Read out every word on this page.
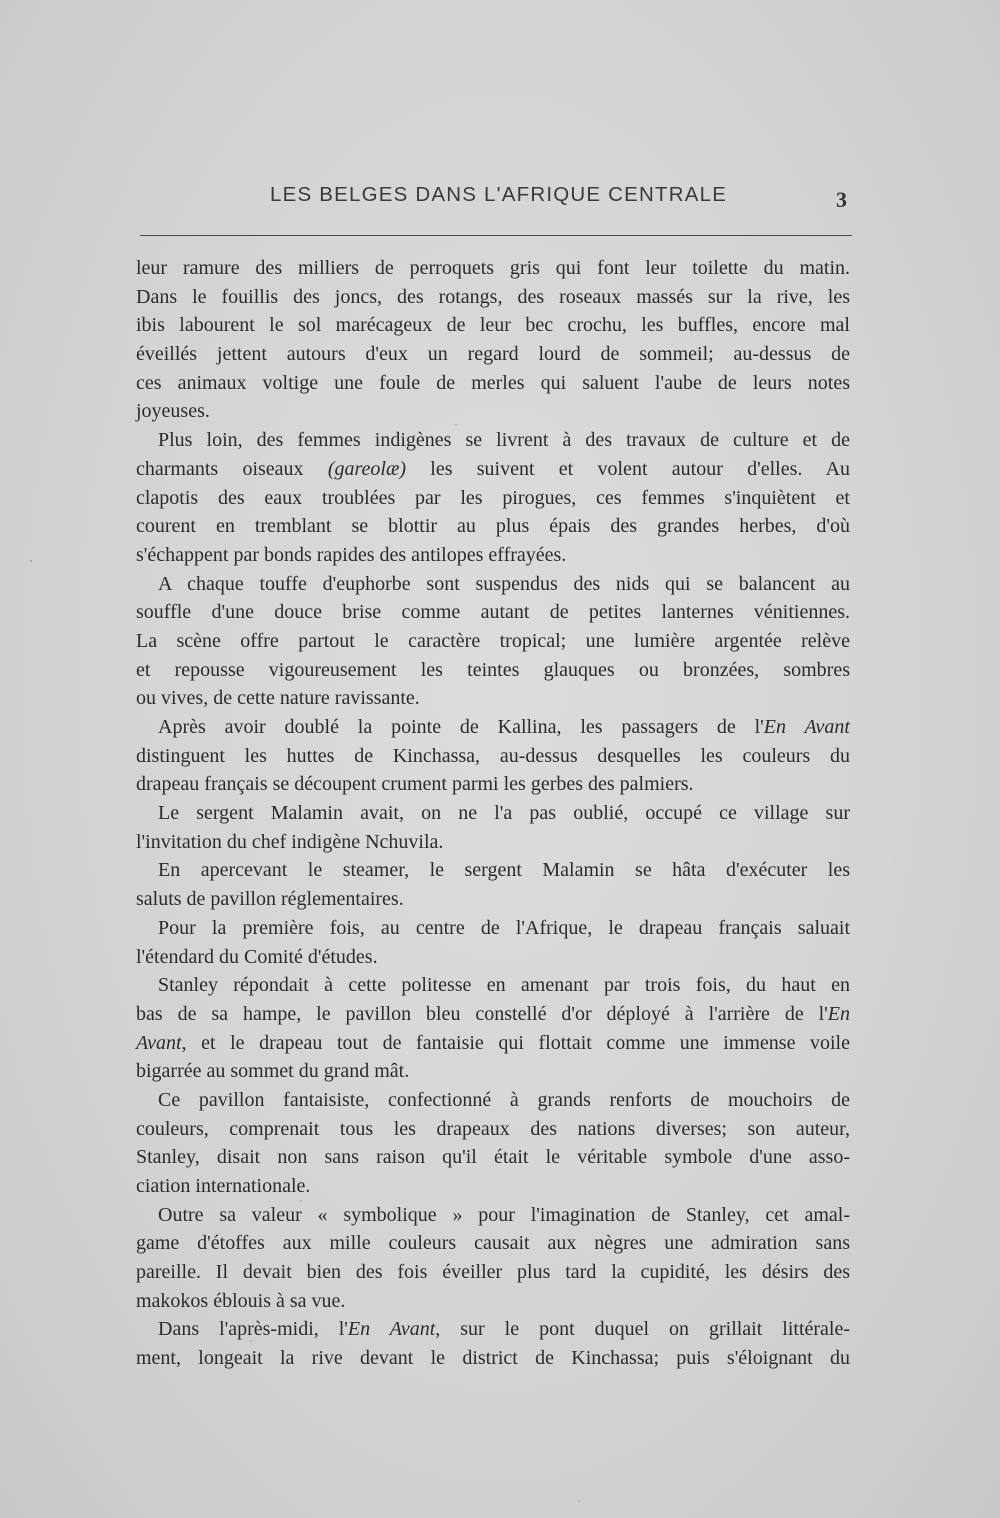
LES BELGES DANS L'AFRIQUE CENTRALE	3
leur ramure des milliers de perroquets gris qui font leur toilette du matin.
Dans le fouillis des joncs, des rotangs, des roseaux massés sur la rive, les
ibis labourent le sol marécageux de leur bec crochu, les buffles, encore mal
éveillés jettent autours d'eux un regard lourd de sommeil; au-dessus de
ces animaux voltige une foule de merles qui saluent l'aube de leurs notes
joyeuses.
Plus loin, des femmes indigènes se livrent à des travaux de culture et de
charmants oiseaux (gareolæ) les suivent et volent autour d'elles. Au
clapotis des eaux troublées par les pirogues, ces femmes s'inquiètent et
courent en tremblant se blottir au plus épais des grandes herbes, d'où
s'échappent par bonds rapides des antilopes effrayées.
A chaque touffe d'euphorbe sont suspendus des nids qui se balancent au
souffle d'une douce brise comme autant de petites lanternes vénitiennes.
La scène offre partout le caractère tropical; une lumière argentée relève
et repousse vigoureusement les teintes glauques ou bronzées, sombres
ou vives, de cette nature ravissante.
Après avoir doublé la pointe de Kallina, les passagers de l'En Avant
distinguent les huttes de Kinchassa, au-dessus desquelles les couleurs du
drapeau français se découpent crument parmi les gerbes des palmiers.
Le sergent Malamin avait, on ne l'a pas oublié, occupé ce village sur
l'invitation du chef indigène Nchuvila.
En apercevant le steamer, le sergent Malamin se hâta d'exécuter les
saluts de pavillon réglementaires.
Pour la première fois, au centre de l'Afrique, le drapeau français saluait
l'étendard du Comité d'études.
Stanley répondait à cette politesse en amenant par trois fois, du haut en
bas de sa hampe, le pavillon bleu constellé d'or déployé à l'arrière de l'En
Avant, et le drapeau tout de fantaisie qui flottait comme une immense voile
bigarrée au sommet du grand mât.
Ce pavillon fantaisiste, confectionné à grands renforts de mouchoirs de
couleurs, comprenait tous les drapeaux des nations diverses; son auteur,
Stanley, disait non sans raison qu'il était le véritable symbole d'une asso-
ciation internationale.
Outre sa valeur « symbolique » pour l'imagination de Stanley, cet amal-
game d'étoffes aux mille couleurs causait aux nègres une admiration sans
pareille. Il devait bien des fois éveiller plus tard la cupidité, les désirs des
makokos éblouis à sa vue.
Dans l'après-midi, l'En Avant, sur le pont duquel on grillait littérale-
ment, longeait la rive devant le district de Kinchassa; puis s'éloignant du
